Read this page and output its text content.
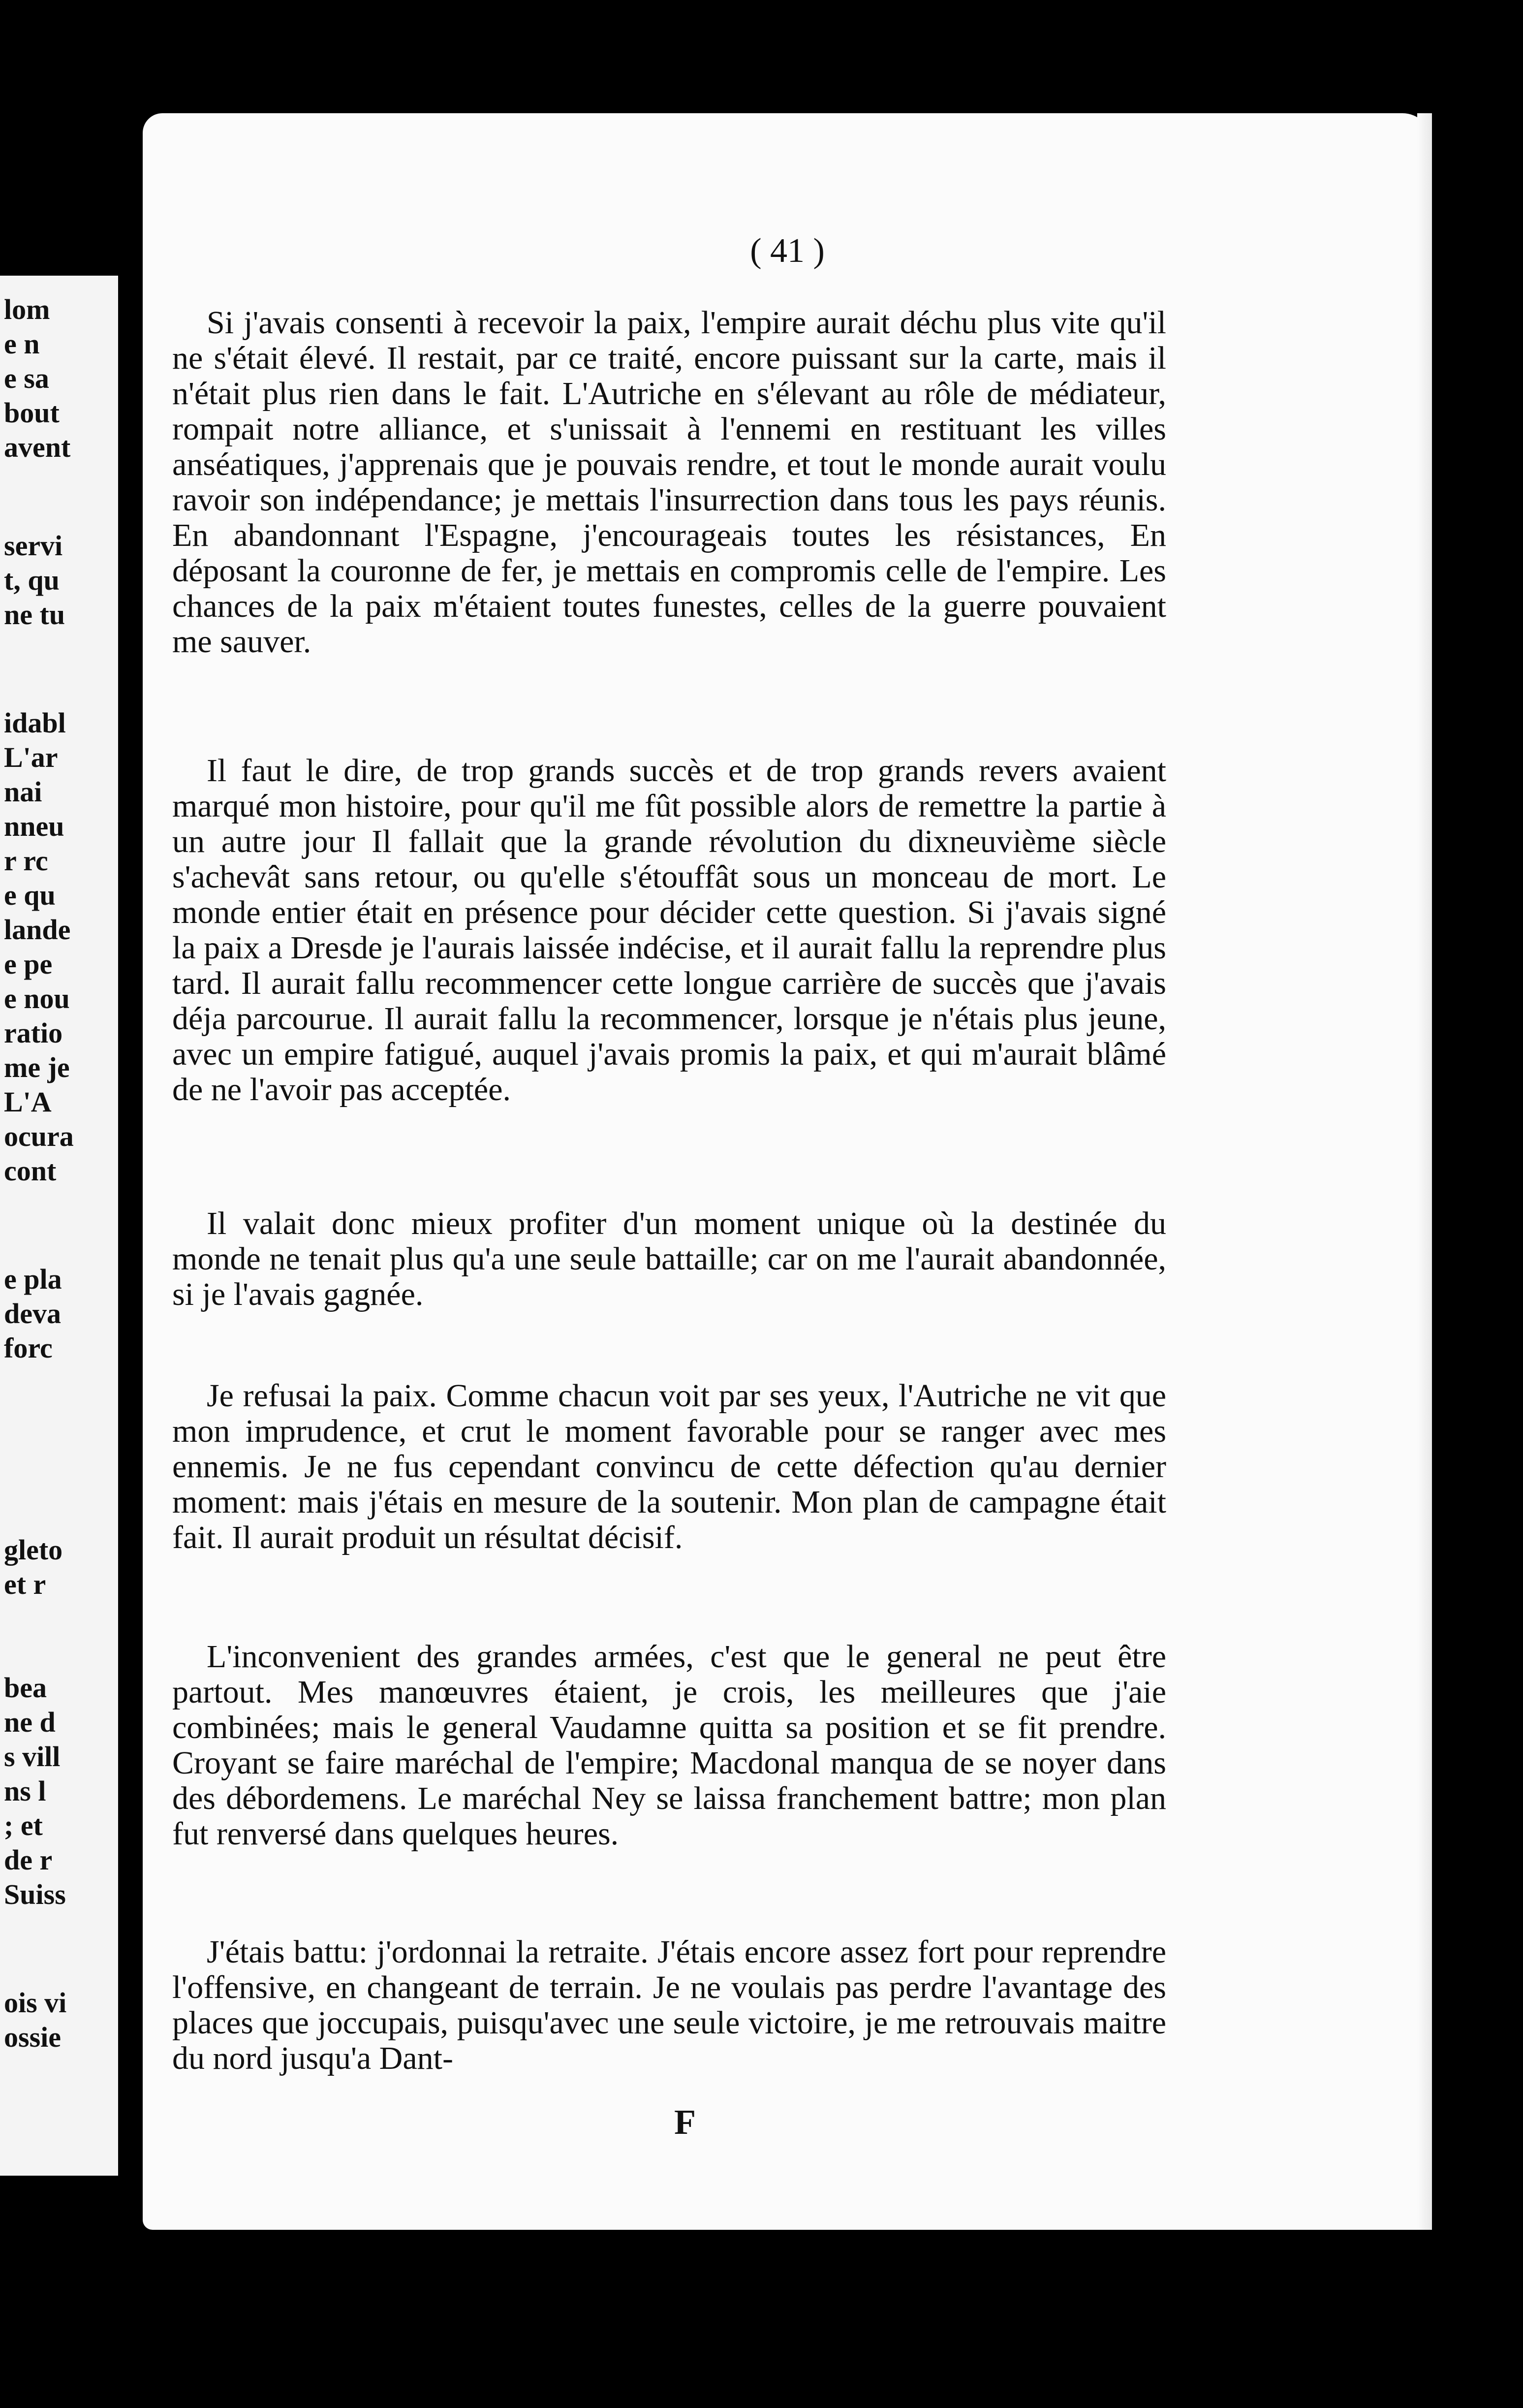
lom
e n
e sa
bout
avent
servi
t, qu
ne tu
idabl
L'ar
nai
nneu
r rc
e qu
lande
e pe
e nou
ratio
me je
L'A
ocura
cont
e pla
deva
forc
gleto
et r
bea
ne d
s vill
ns l
; et
de r
Suiss
ois vi
ossie
( 41 )

Si j'avais consenti à recevoir la paix, l'empire aurait déchu plus vite qu'il ne s'était élevé. Il restait, par ce traité, encore puissant sur la carte, mais il n'était plus rien dans le fait. L'Autriche en s'élevant au rôle de médiateur, rompait notre alliance, et s'unissait à l'ennemi en restituant les villes anséatiques, j'apprenais que je pouvais rendre, et tout le monde aurait voulu ravoir son indépendance; je mettais l'insurrection dans tous les pays réunis. En abandonnant l'Espagne, j'encourageais toutes les résistances, En déposant la couronne de fer, je mettais en compromis celle de l'empire. Les chances de la paix m'étaient toutes funestes, celles de la guerre pouvaient me sauver.

Il faut le dire, de trop grands succès et de trop grands revers avaient marqué mon histoire, pour qu'il me fût possible alors de remettre la partie à un autre jour Il fallait que la grande révolution du dixneuvième siècle s'achevât sans retour, ou qu'elle s'étouffât sous un monceau de mort. Le monde entier était en présence pour décider cette question. Si j'avais signé la paix a Dresde je l'aurais laissée indécise, et il aurait fallu la reprendre plus tard. Il aurait fallu recommencer cette longue carrière de succès que j'avais déja parcourue. Il aurait fallu la recommencer, lorsque je n'étais plus jeune, avec un empire fatigué, auquel j'avais promis la paix, et qui m'aurait blâmé de ne l'avoir pas acceptée.

Il valait donc mieux profiter d'un moment unique où la destinée du monde ne tenait plus qu'a une seule battaille; car on me l'aurait abandonnée, si je l'avais gagnée.

Je refusai la paix. Comme chacun voit par ses yeux, l'Autriche ne vit que mon imprudence, et crut le moment favorable pour se ranger avec mes ennemis. Je ne fus cependant convincu de cette défection qu'au dernier moment: mais j'étais en mesure de la soutenir. Mon plan de campagne était fait. Il aurait produit un résultat décisif.

L'inconvenient des grandes armées, c'est que le general ne peut être partout. Mes manœuvres étaient, je crois, les meilleures que j'aie combinées; mais le general Vaudamne quitta sa position et se fit prendre. Croyant se faire maréchal de l'empire; Macdonal manqua de se noyer dans des débordemens. Le maréchal Ney se laissa franchement battre; mon plan fut renversé dans quelques heures.

J'étais battu: j'ordonnai la retraite. J'étais encore assez fort pour reprendre l'offensive, en changeant de terrain. Je ne voulais pas perdre l'avantage des places que joccupais, puisqu'avec une seule victoire, je me retrouvais maitre du nord jusqu'a Dant-

F
